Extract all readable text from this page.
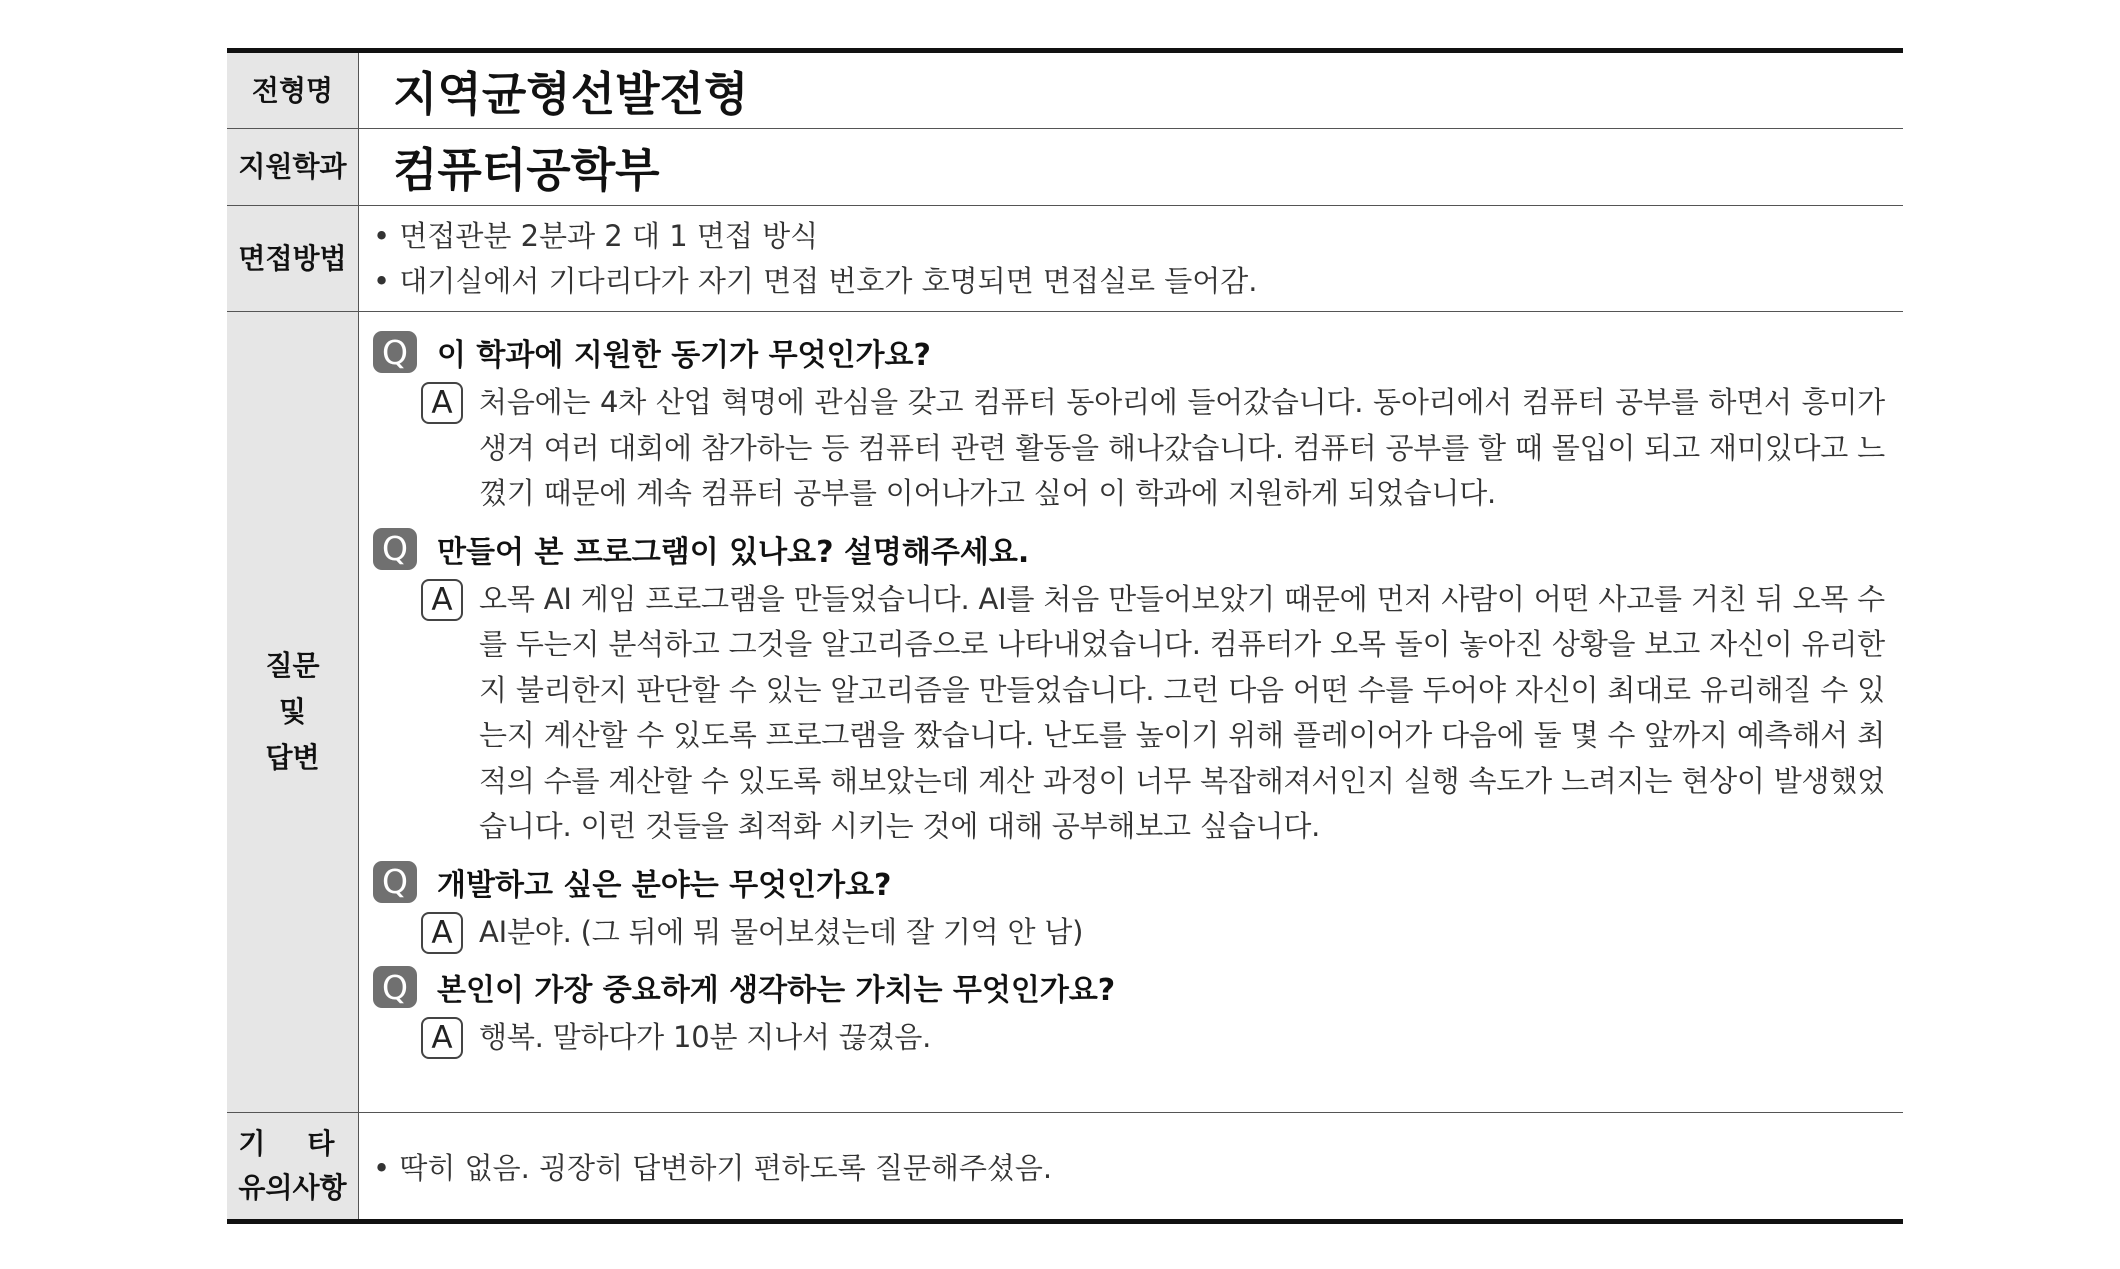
전형명	지역균형선발전형
지원학과 컴퓨터공학부
면접방법
• 면접관분 2분과 2 대 1 면접 방식
• 대기실에서 기다리다가 자기 면접 번호가 호명되면 면접실로 들어감.
질문
및
답변
Q 이 학과에 지원한 동기가 무엇인가요?
A 처음에는 4차 산업 혁명에 관심을 갖고 컴퓨터 동아리에 들어갔습니다. 동아리에서 컴퓨터 공부를 하면서 흥미가 생겨 여러 대회에 참가하는 등 컴퓨터 관련 활동을 해나갔습니다. 컴퓨터 공부를 할 때 몰입이 되고 재미있다고 느꼈기 때문에 계속 컴퓨터 공부를 이어나가고 싶어 이 학과에 지원하게 되었습니다.
Q 만들어 본 프로그램이 있나요? 설명해주세요.
A 오목 AI 게임 프로그램을 만들었습니다. AI를 처음 만들어보았기 때문에 먼저 사람이 어떤 사고를 거친 뒤 오목 수를 두는지 분석하고 그것을 알고리즘으로 나타내었습니다. 컴퓨터가 오목 돌이 놓아진 상황을 보고 자신이 유리한지 불리한지 판단할 수 있는 알고리즘을 만들었습니다. 그런 다음 어떤 수를 두어야 자신이 최대로 유리해질 수 있는지 계산할 수 있도록 프로그램을 짰습니다. 난도를 높이기 위해 플레이어가 다음에 둘 몇 수 앞까지 예측해서 최적의 수를 계산할 수 있도록 해보았는데 계산 과정이 너무 복잡해져서인지 실행 속도가 느려지는 현상이 발생했었습니다. 이런 것들을 최적화 시키는 것에 대해 공부해보고 싶습니다.
Q 개발하고 싶은 분야는 무엇인가요?
A AI분야. (그 뒤에 뭐 물어보셨는데 잘 기억 안 남)
Q 본인이 가장 중요하게 생각하는 가치는 무엇인가요?
A 행복. 말하다가 10분 지나서 끊겼음.
기 타
유의사항
• 딱히 없음. 굉장히 답변하기 편하도록 질문해주셨음.
